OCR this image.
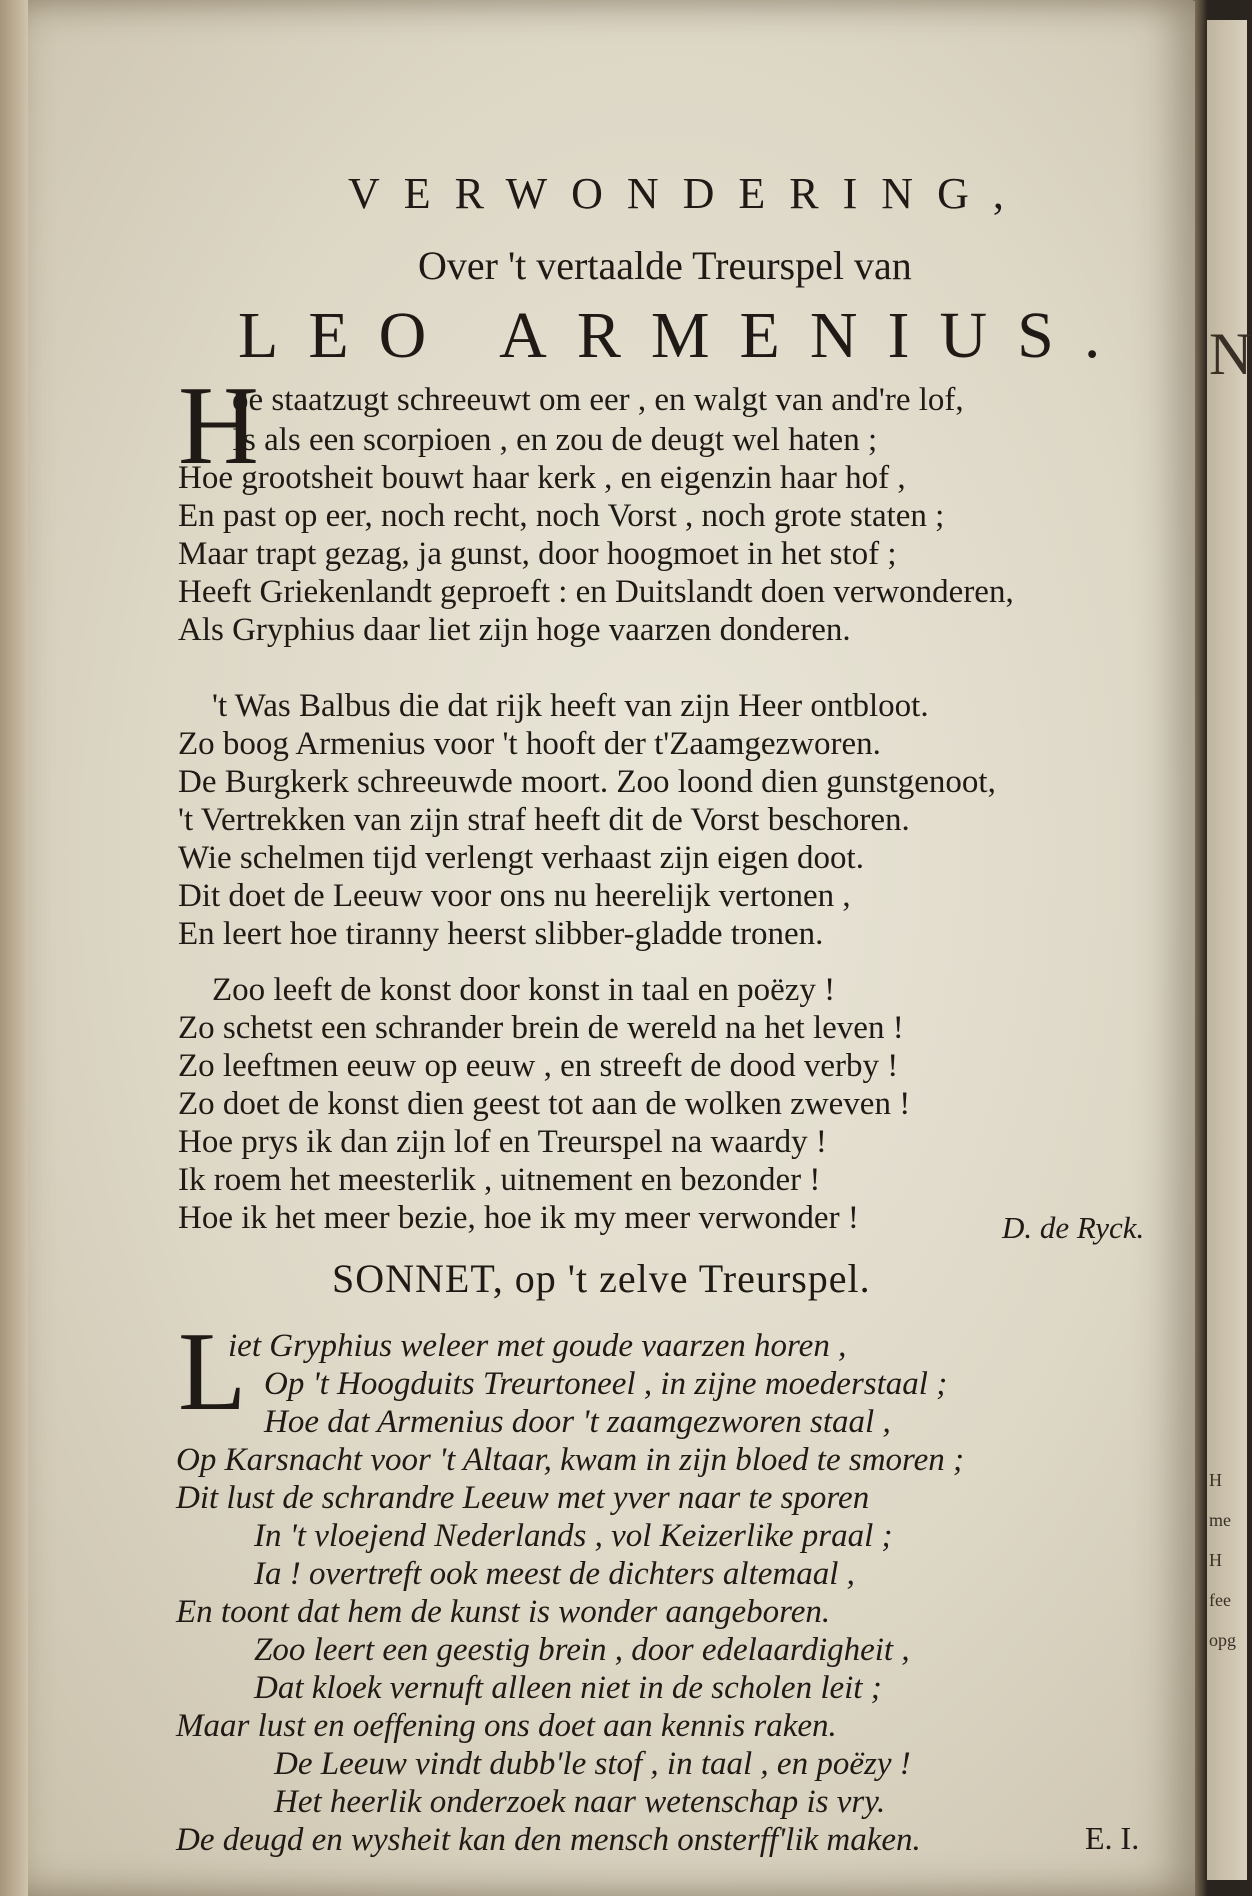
VERWONDERING,
Over 't vertaalde Treurspel van
LEO ARMENIUS.
H
oe staatzugt schreeuwt om eer , en walgt van and're lof,
Is als een scorpioen , en zou de deugt wel haten ;
Hoe grootsheit bouwt haar kerk , en eigenzin haar hof ,
En past op eer, noch recht, noch Vorst , noch grote staten ;
Maar trapt gezag, ja gunst, door hoogmoet in het stof ;
Heeft Griekenlandt geproeft : en Duitslandt doen verwonderen,
Als Gryphius daar liet zijn hoge vaarzen donderen.
't Was Balbus die dat rijk heeft van zijn Heer ontbloot.
Zo boog Armenius voor 't hooft der t'Zaamgezworen.
De Burgkerk schreeuwde moort. Zoo loond dien gunstgenoot,
't Vertrekken van zijn straf heeft dit de Vorst beschoren.
Wie schelmen tijd verlengt verhaast zijn eigen doot.
Dit doet de Leeuw voor ons nu heerelijk vertonen ,
En leert hoe tiranny heerst slibber-gladde tronen.
Zoo leeft de konst door konst in taal en poëzy !
Zo schetst een schrander brein de wereld na het leven !
Zo leeftmen eeuw op eeuw , en streeft de dood verby !
Zo doet de konst dien geest tot aan de wolken zweven !
Hoe prys ik dan zijn lof en Treurspel na waardy !
Ik roem het meesterlik , uitnement en bezonder !
Hoe ik het meer bezie, hoe ik my meer verwonder !	D. de Ryck.
SONNET, op 't zelve Treurspel.
L
iet Gryphius weleer met goude vaarzen horen ,
Op 't Hoogduits Treurtoneel , in zijne moederstaal ;
Hoe dat Armenius door 't zaamgezworen staal ,
Op Karsnacht voor 't Altaar, kwam in zijn bloed te smoren ;
Dit lust de schrandre Leeuw met yver naar te sporen
In 't vloejend Nederlands , vol Keizerlike praal ;
Ia ! overtreft ook meest de dichters altemaal ,
En toont dat hem de kunst is wonder aangeboren.
Zoo leert een geestig brein , door edelaardigheit ,
Dat kloek vernuft alleen niet in de scholen leit ;
Maar lust en oeffening ons doet aan kennis raken.
De Leeuw vindt dubb'le stof , in taal , en poëzy !
Het heerlik onderzoek naar wetenschap is vry.
De deugd en wysheit kan den mensch onsterff'lik maken.	E. I.
N
H
me
H
fee
opg
